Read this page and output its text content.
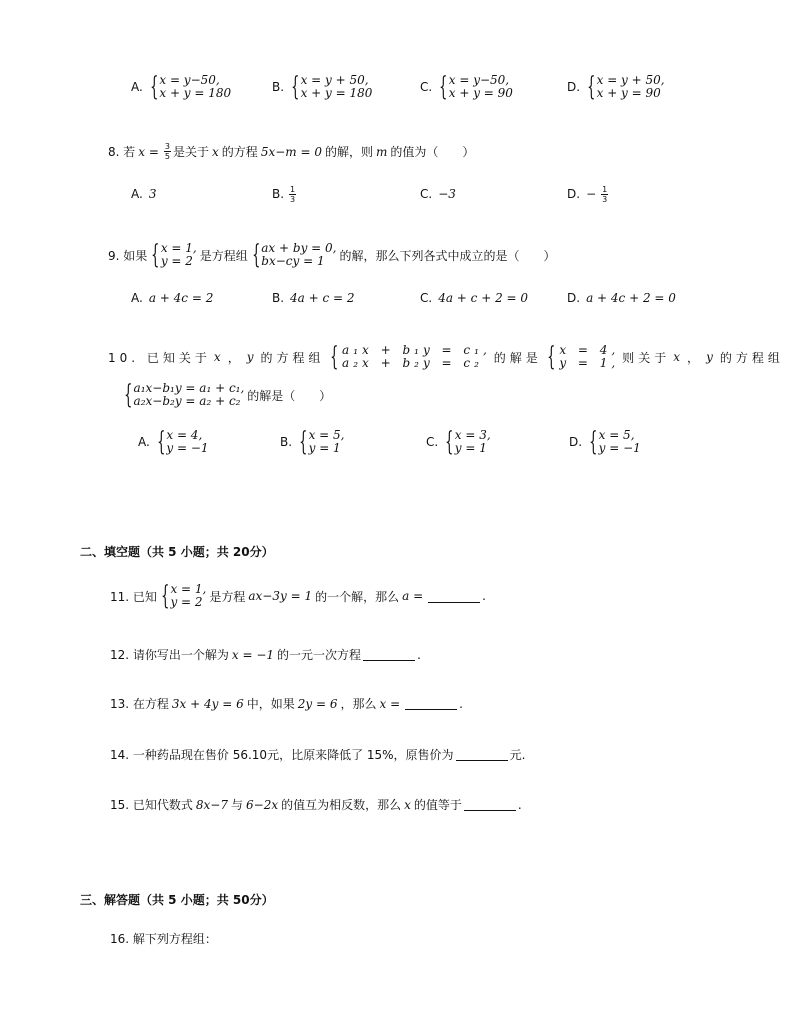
8. 若 $x = \frac{3}{5}$ 是关于 x 的方程 5x−m = 0 的解，则 m 的值为（　　）
9. 如果 { x = 1,
y = 2 是方程组 { ax + by = 0,
bx−cy = 1	的解，那么下列各式中成立的是（　　）
10. 已知关于 x ， y 的方程组 { a₁x + b₁y = c₁,
a₂x + b₂y = c₂ 的解是 { x = 4,
y = 1, 则关于 x ， y 的方程组
{ a₁x−b₁y = a₁ + c₁,
a₂x−b₂y = a₂ + c₂ 的解是（　　）
二、填空题（共 5 小题；共 20分）
11. 已知 { x = 1,
y = 2 是方程 ax−3y = 1 的一个解，那么 a =	.
12. 请你写出一个解为 x = −1 的一元一次方程	.
13. 在方程 3x + 4y = 6 中，如果 2y = 6 ，那么 x =	.
14. 一种药品现在售价 56.10元，比原来降低了 15%，原售价为	元.
15. 已知代数式 8x−7 与 6−2x 的值互为相反数，那么 x 的值等于	.
三、解答题（共 5 小题；共 50分）
16. 解下列方程组：
A. { x = y−50,
x + y = 180	B. { x = y + 50,
x + y = 180	C. { x = y−50,
x + y = 90	D. { x = y + 50,
x + y = 90
A. 3	B. $\frac{1}{3}$	C. −3	D. − $\frac{1}{3}$
A. a + 4c = 2	B. 4a + c = 2	C. 4a + c + 2 = 0	D. a + 4c + 2 = 0
A. { x = 4,
y = −1	B. { x = 5,
y = 1	C. { x = 3,
y = 1	D. { x = 5,
y = −1
